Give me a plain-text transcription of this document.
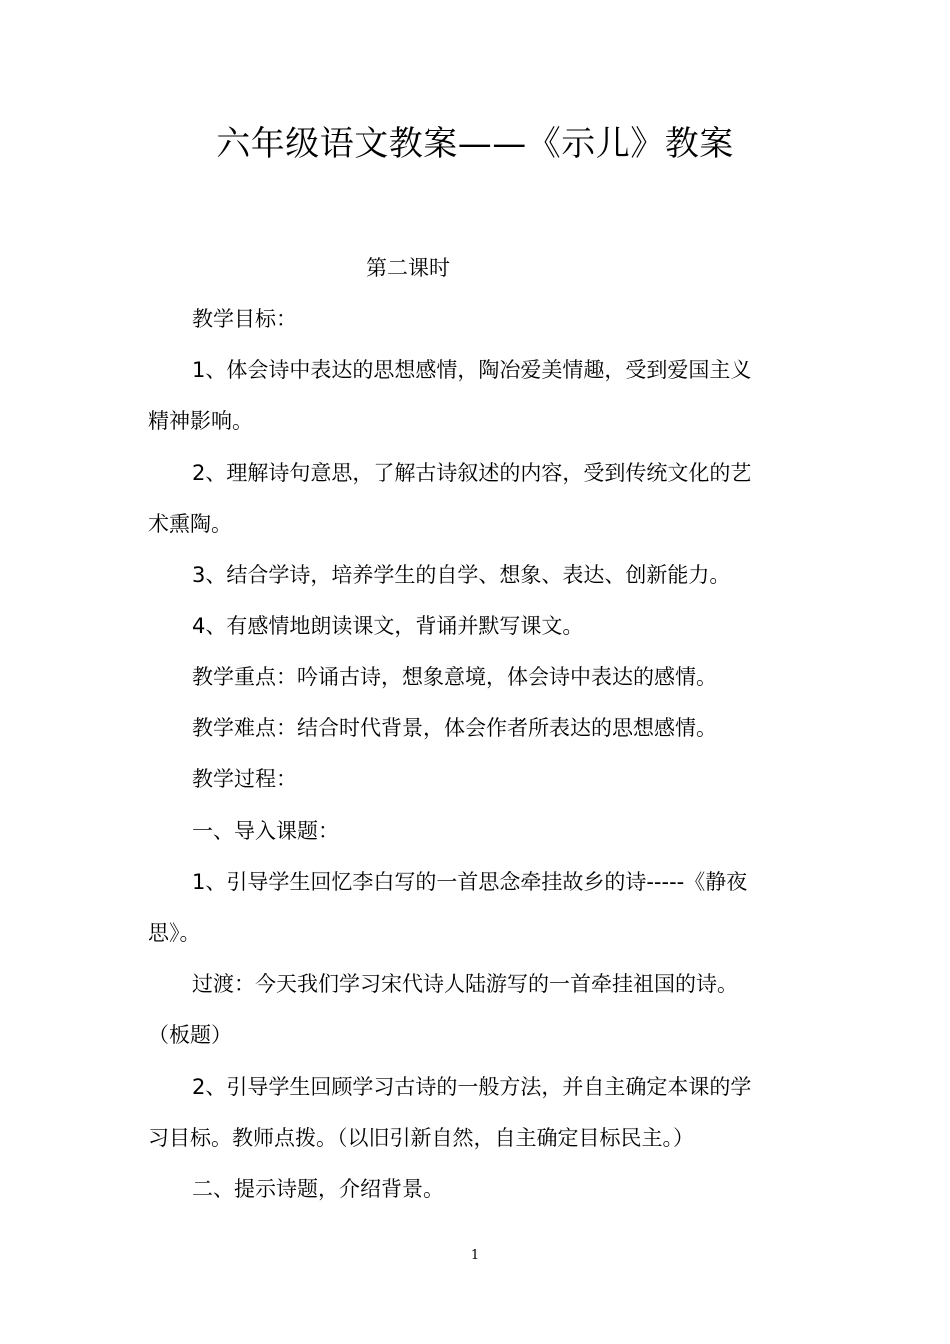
六年级语文教案——《示儿》教案
第二课时
教学目标：
1、体会诗中表达的思想感情，陶冶爱美情趣，受到爱国主义
精神影响。
2、理解诗句意思，了解古诗叙述的内容，受到传统文化的艺
术熏陶。
3、结合学诗，培养学生的自学、想象、表达、创新能力。
4、有感情地朗读课文，背诵并默写课文。
教学重点：吟诵古诗，想象意境，体会诗中表达的感情。
教学难点：结合时代背景，体会作者所表达的思想感情。
教学过程：
一、导入课题：
1、引导学生回忆李白写的一首思念牵挂故乡的诗-----《静夜
思》。
过渡：今天我们学习宋代诗人陆游写的一首牵挂祖国的诗。
（板题）
2、引导学生回顾学习古诗的一般方法，并自主确定本课的学
习目标。教师点拨。（以旧引新自然，自主确定目标民主。）
二、提示诗题，介绍背景。
1
